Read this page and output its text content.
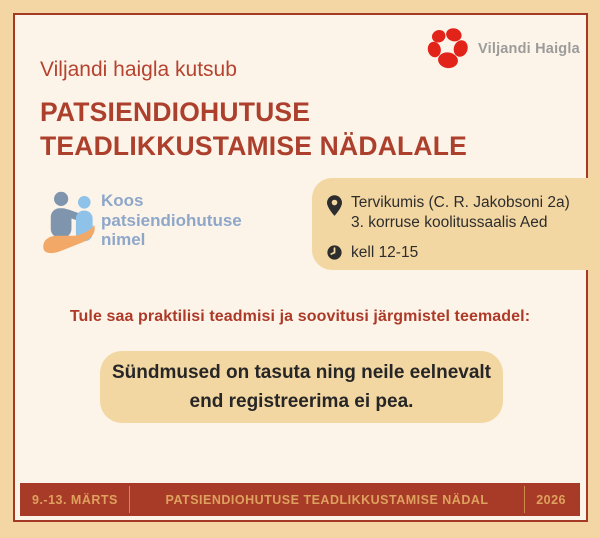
Viljandi Haigla
Viljandi haigla kutsub
PATSIENDIOHUTUSE
TEADLIKKUSTAMISE NÄDALALE
Koos patsiendiohutuse nimel
Tervikumis (C. R. Jakobsoni 2a)
3. korruse koolitussaalis Aed
kell 12-15
Tule saa praktilisi teadmisi ja soovitusi järgmistel teemadel:
Sündmused on tasuta ning neile eelnevalt
end registreerima ei pea.
9.-13. MÄRTS	PATSIENDIOHUTUSE TEADLIKKUSTAMISE NÄDAL	2026
